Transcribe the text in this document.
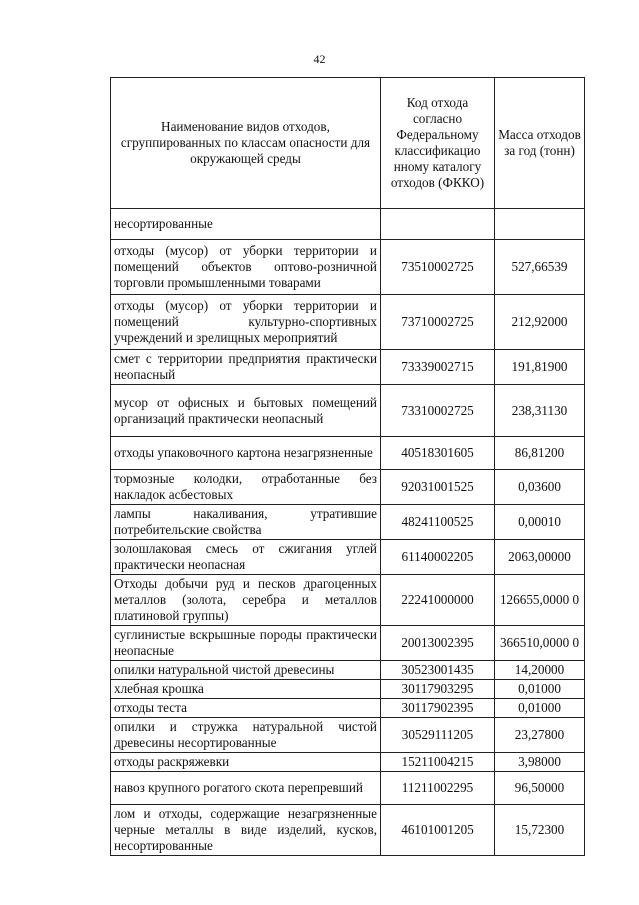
42
Наименование видов отходов, сгруппированных по классам опасности для окружающей среды	Код отхода согласно Федеральному классификацио нному каталогу отходов (ФККО)	Масса отходов за год (тонн)
несортированные		
отходы (мусор) от уборки территории и помещений объектов оптово-розничной торговли промышленными товарами	73510002725	527,66539
отходы (мусор) от уборки территории и помещений культурно-спортивных учреждений и зрелищных мероприятий	73710002725	212,92000
смет с территории предприятия практически неопасный	73339002715	191,81900
мусор от офисных и бытовых помещений организаций практически неопасный	73310002725	238,31130
отходы упаковочного картона незагрязненные	40518301605	86,81200
тормозные колодки, отработанные без накладок асбестовых	92031001525	0,03600
лампы накаливания, утратившие потребительские свойства	48241100525	0,00010
золошлаковая смесь от сжигания углей практически неопасная	61140002205	2063,00000
Отходы добычи руд и песков драгоценных металлов (золота, серебра и металлов платиновой группы)	22241000000	126655,0000 0
суглинистые вскрышные породы практически неопасные	20013002395	366510,0000 0
опилки натуральной чистой древесины	30523001435	14,20000
хлебная крошка	30117903295	0,01000
отходы теста	30117902395	0,01000
опилки и стружка натуральной чистой древесины несортированные	30529111205	23,27800
отходы раскряжевки	15211004215	3,98000
навоз крупного рогатого скота перепревший	11211002295	96,50000
лом и отходы, содержащие незагрязненные черные металлы в виде изделий, кусков, несортированные	46101001205	15,72300
